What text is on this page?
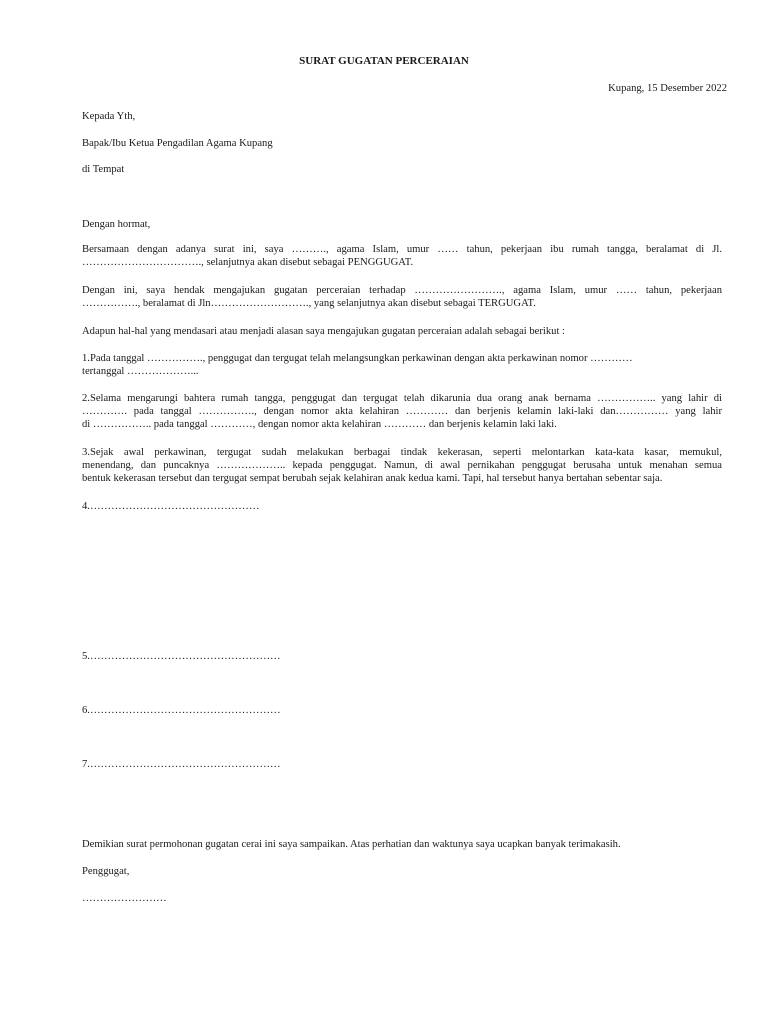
SURAT GUGATAN PERCERAIAN
Kupang, 15 Desember 2022
Kepada Yth,
Bapak/Ibu Ketua Pengadilan Agama Kupang
di Tempat
Dengan hormat,
Bersamaan dengan adanya surat ini, saya ………., agama Islam, umur …… tahun, pekerjaan ibu rumah tangga, beralamat di Jl.
……………………………., selanjutnya akan disebut sebagai PENGGUGAT.
Dengan ini, saya hendak mengajukan gugatan perceraian terhadap ……………………., agama Islam, umur …… tahun, pekerjaan
……………., beralamat di Jln………………………., yang selanjutnya akan disebut sebagai TERGUGAT.
Adapun hal-hal yang mendasari atau menjadi alasan saya mengajukan gugatan perceraian adalah sebagai berikut :
1.Pada tanggal ……………., penggugat dan tergugat telah melangsungkan perkawinan dengan akta perkawinan nomor …………
tertanggal ………………...
2.Selama mengarungi bahtera rumah tangga, penggugat dan tergugat telah dikarunia dua orang anak bernama …………….. yang lahir di
…………. pada tanggal ……………., dengan nomor akta kelahiran ………… dan berjenis kelamin laki-laki dan…………… yang lahir
di …………….. pada tanggal …………, dengan nomor akta kelahiran ………… dan berjenis kelamin laki laki.
3.Sejak awal perkawinan, tergugat sudah melakukan berbagai tindak kekerasan, seperti melontarkan kata-kata kasar, memukul,
menendang, dan puncaknya ……………….. kepada penggugat. Namun, di awal pernikahan penggugat berusaha untuk menahan semua
bentuk kekerasan tersebut dan tergugat sempat berubah sejak kelahiran anak kedua kami. Tapi, hal tersebut hanya bertahan sebentar saja.
4.…………………………………………
5.………………………………………………
6.………………………………………………
7.………………………………………………
Demikian surat permohonan gugatan cerai ini saya sampaikan. Atas perhatian dan waktunya saya ucapkan banyak terimakasih.
Penggugat,
……………………
